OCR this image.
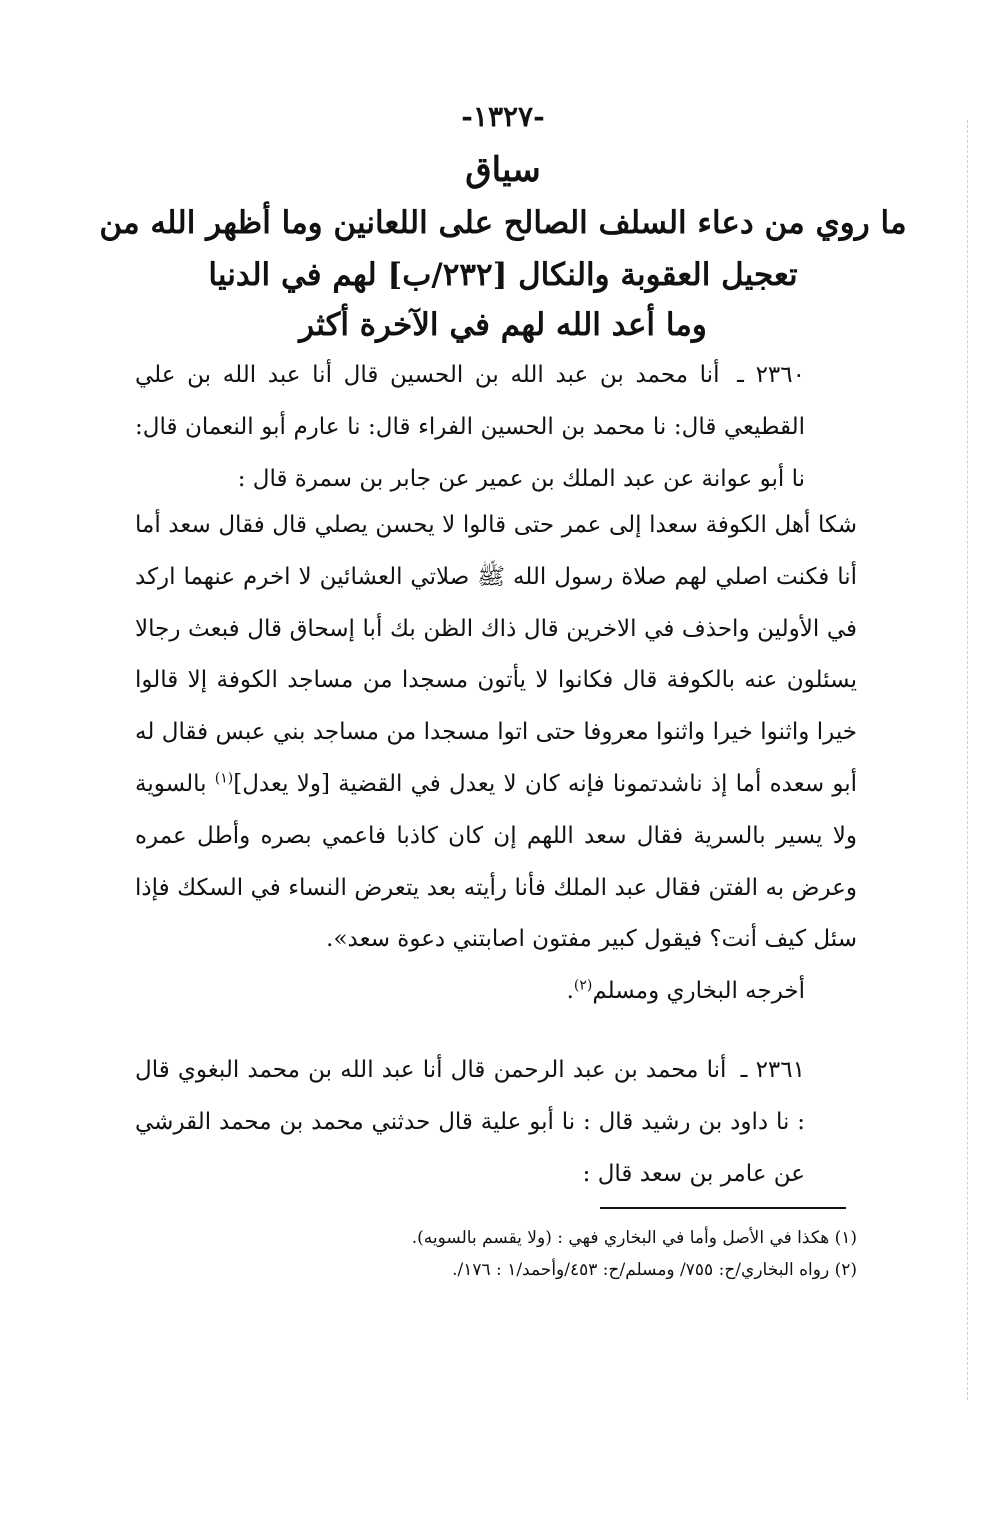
-١٣٢٧-
سياق
ما روي من دعاء السلف الصالح على اللعانين وما أظهر الله من
تعجيل العقوبة والنكال [٢٣٢/ب] لهم في الدنيا
وما أعد الله لهم في الآخرة أكثر

٢٣٦٠ ـ أنا محمد بن عبد الله بن الحسين قال أنا عبد الله بن علي القطيعي قال: نا محمد بن الحسين الفراء قال: نا عارم أبو النعمان قال: نا أبو عوانة عن عبد الملك بن عمير عن جابر بن سمرة قال :

شكا أهل الكوفة سعدا إلى عمر حتى قالوا لا يحسن يصلي قال فقال سعد أما أنا فكنت اصلي لهم صلاة رسول الله ﷺ صلاتي العشائين لا اخرم عنهما اركد في الأولين واحذف في الاخرين قال ذاك الظن بك أبا إسحاق قال فبعث رجالا يسئلون عنه بالكوفة قال فكانوا لا يأتون مسجدا من مساجد الكوفة إلا قالوا خيرا واثنوا خيرا واثنوا معروفا حتى اتوا مسجدا من مساجد بني عبس فقال له أبو سعده أما إذ ناشدتمونا فإنه كان لا يعدل في القضية [ولا يعدل]$^{(١)}$ بالسوية ولا يسير بالسرية فقال سعد اللهم إن كان كاذبا فاعمي بصره وأطل عمره وعرض به الفتن فقال عبد الملك فأنا رأيته بعد يتعرض النساء في السكك فإذا سئل كيف أنت؟ فيقول كبير مفتون اصابتني دعوة سعد».

أخرجه البخاري ومسلم$^{(٢)}$.

٢٣٦١ ـ أنا محمد بن عبد الرحمن قال أنا عبد الله بن محمد البغوي قال : نا داود بن رشيد قال : نا أبو علية قال حدثني محمد بن محمد القرشي عن عامر بن سعد قال :

(١) هكذا في الأصل وأما في البخاري فهي : (ولا يقسم بالسويه).

(٢) رواه البخاري/ح: ٧٥٥/ ومسلم/ح: ٤٥٣/وأحمد/١ : ١٧٦/.
